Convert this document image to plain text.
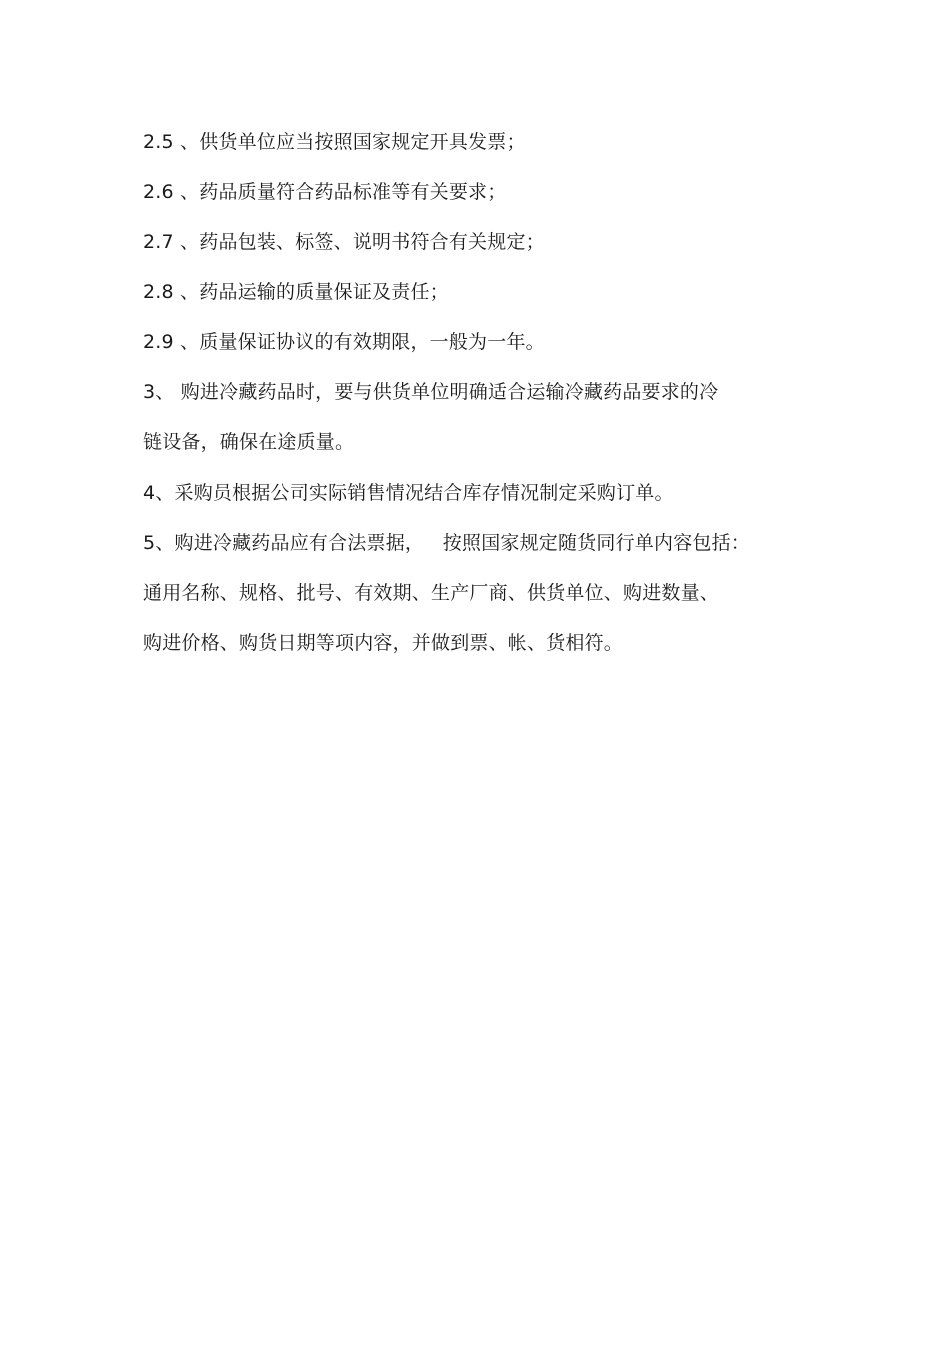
2.5 、供货单位应当按照国家规定开具发票；
2.6 、药品质量符合药品标准等有关要求；
2.7 、药品包装、标签、说明书符合有关规定；
2.8 、药品运输的质量保证及责任；
2.9 、质量保证协议的有效期限，一般为一年。
3、 购进冷藏药品时，要与供货单位明确适合运输冷藏药品要求的冷
链设备，确保在途质量。
4、采购员根据公司实际销售情况结合库存情况制定采购订单。
5、购进冷藏药品应有合法票据，   按照国家规定随货同行单内容包括：
通用名称、规格、批号、有效期、生产厂商、供货单位、购进数量、
购进价格、购货日期等项内容，并做到票、帐、货相符。
